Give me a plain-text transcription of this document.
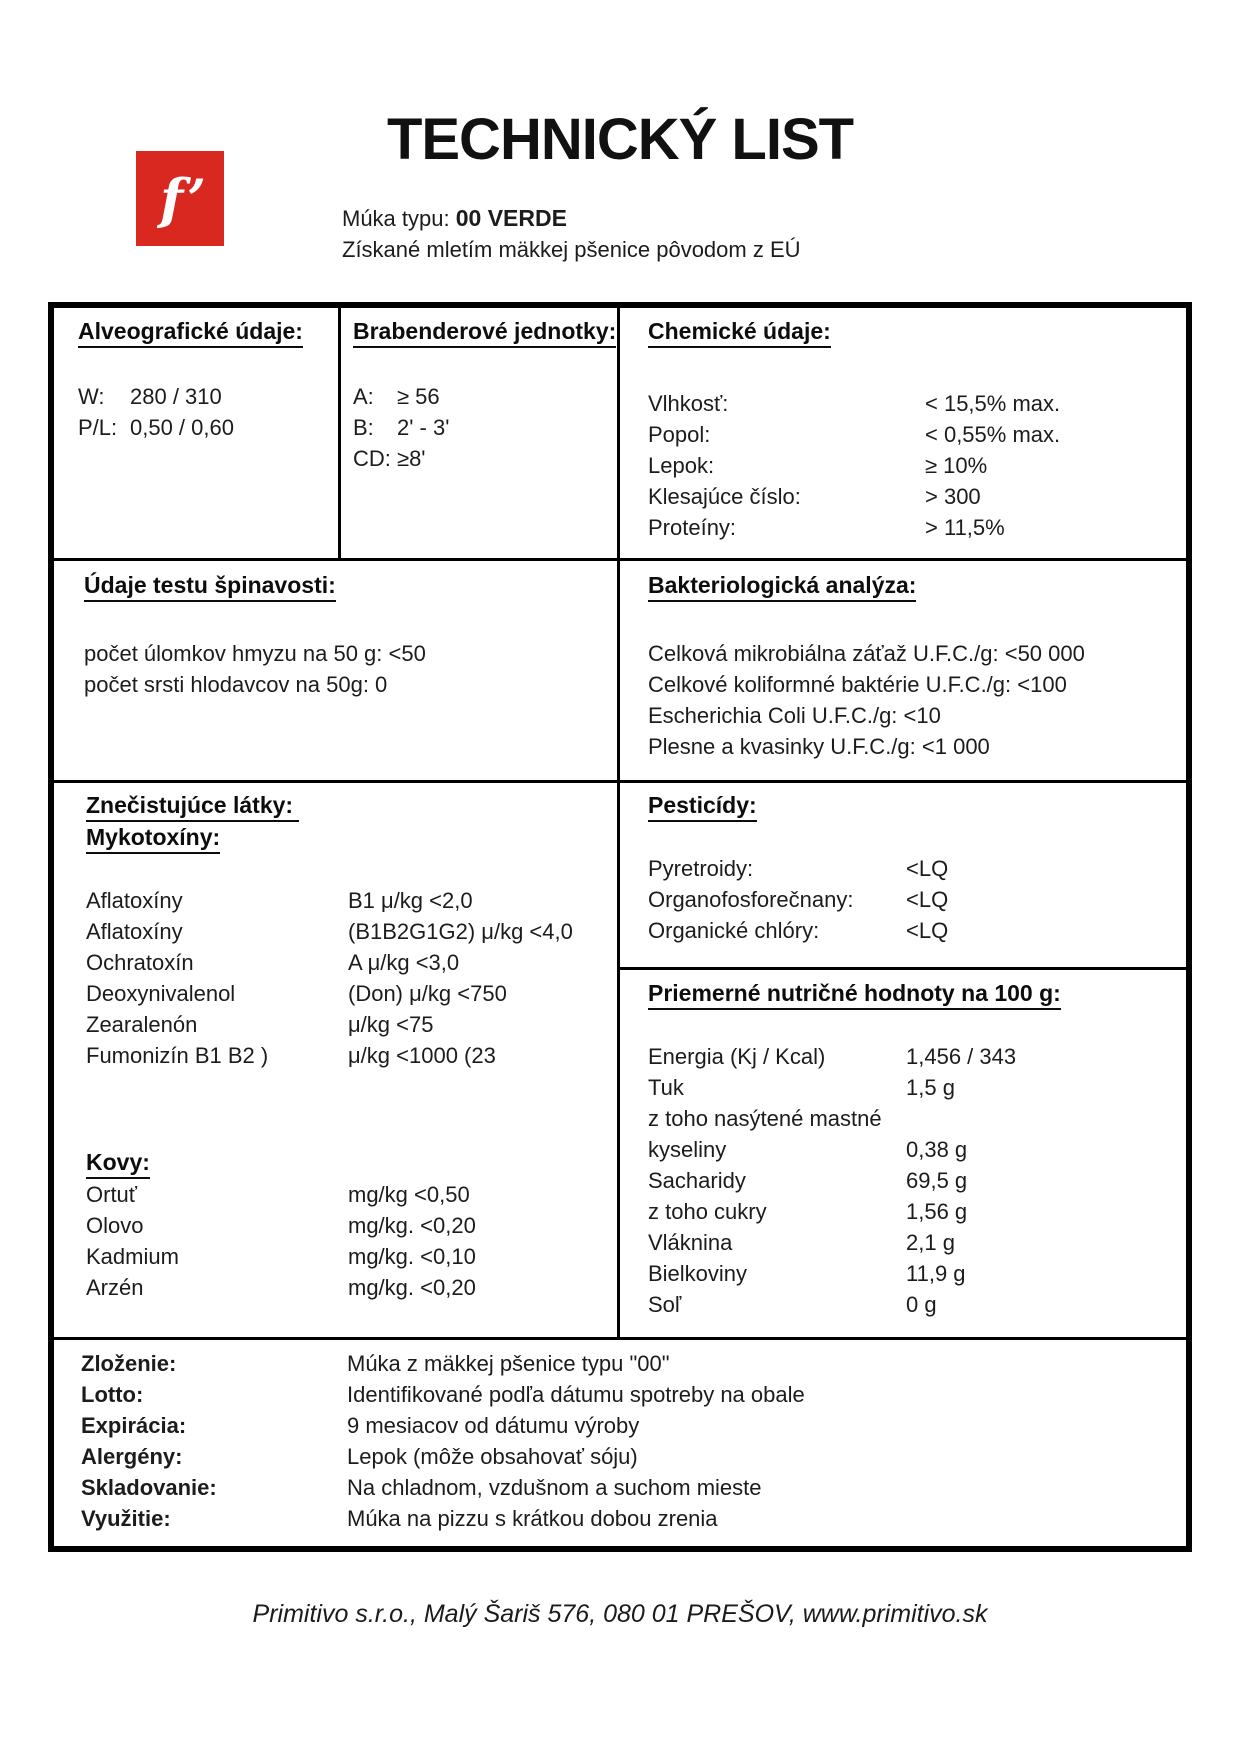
f’
TECHNICKÝ LIST
Múka typu: 00 VERDE
Získané mletím mäkkej pšenice pôvodom z EÚ
Alveografické údaje:
W:	280 / 310
P/L: 0,50 / 0,60
Brabenderové jednotky:
A:	≥ 56
B:	2' - 3'
CD: ≥8'
Chemické údaje:
Vlhkosť:	< 15,5% max.
Popol:	< 0,55% max.
Lepok:	≥ 10%
Klesajúce číslo:	> 300
Proteíny:	> 11,5%
Údaje testu špinavosti:
počet úlomkov hmyzu na 50 g: <50
počet srsti hlodavcov na 50g: 0
Bakteriologická analýza:
Celková mikrobiálna záťaž U.F.C./g: <50 000
Celkové koliformné baktérie U.F.C./g: <100
Escherichia Coli U.F.C./g: <10
Plesne a kvasinky U.F.C./g: <1 000
Znečistujúce látky:
Mykotoxíny:
Aflatoxíny	B1 μ/kg <2,0
Aflatoxíny	(B1B2G1G2) μ/kg <4,0
Ochratoxín	A μ/kg <3,0
Deoxynivalenol	(Don) μ/kg <750
Zearalenón	μ/kg <75
Fumonizín B1 B2 )	μ/kg <1000 (23
Kovy:
Ortuť	mg/kg <0,50
Olovo	mg/kg. <0,20
Kadmium	mg/kg. <0,10
Arzén	mg/kg. <0,20
Pesticídy:
Pyretroidy:	<LQ
Organofosforečnany:	<LQ
Organické chlóry:	<LQ
Priemerné nutričné hodnoty na 100 g:
Energia (Kj / Kcal)	1,456 / 343
Tuk	1,5 g
z toho nasýtené mastné
kyseliny	0,38 g
Sacharidy	69,5 g
z toho cukry	1,56 g
Vláknina	2,1 g
Bielkoviny	11,9 g
Soľ	0 g
Zloženie:	Múka z mäkkej pšenice typu "00"
Lotto:	Identifikované podľa dátumu spotreby na obale
Expirácia:	9 mesiacov od dátumu výroby
Alergény:	Lepok (môže obsahovať sóju)
Skladovanie:	Na chladnom, vzdušnom a suchom mieste
Využitie:	Múka na pizzu s krátkou dobou zrenia
Primitivo s.r.o., Malý Šariš 576, 080 01 PREŠOV, www.primitivo.sk
